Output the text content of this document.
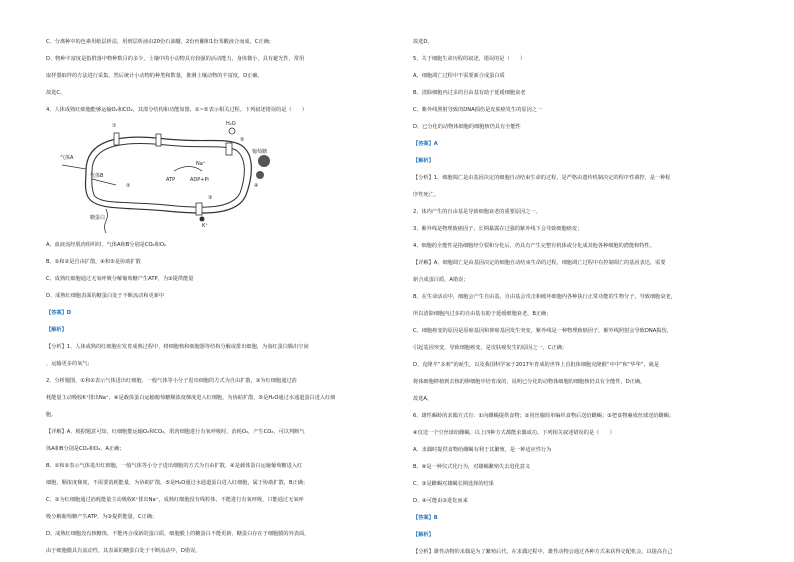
C、分离种中的色素用纸层析法，用到层析液由20份石油醚、2份丙酮和1份苯酸液合而成，C正确；
D、物种丰富度是指群落中物种数目的多少，土壤中的小动物具有较强的活动能力，身体微小，具有避光性，常用
取样器取样的方法进行采集，然后统计小动物的种类和数量，推测土壤动物的丰富度，D正确。
故选C。
4、人体成熟红细胞能够运输O₂和CO₂，其部分结构和功能如图，①~⑤表示相关过程。下列叙述错误的是（　　）
气体A
气体B
糖蛋白
H₂O
葡萄糖
Na⁺
K⁺
ATP	ADP+Pi
①
②
③
④
⑤
A、血液流经肌肉组织时，气体A和B分别是CO₂和O₂
B、①和②是自由扩散，④和⑤是协助扩散
C、成熟红细胞通过无氧呼吸分解葡萄糖产生ATP，为③提供能量
D、成熟红细胞表面的糖蛋白处于不断流动和更新中
【答案】D
【解析】
【分析】1、人体成熟的红细胞在发育成熟过程中，将细胞核和细胞器等结构分解或排出细胞，为血红蛋白腾出空间
，运输更多的氧气；
2、分析题图，①和②表示气体进出红细胞，一般气体等小分子进出细胞的方式为自由扩散，③为红细胞通过消
耗能量主动吸收K⁺排出Na⁺，④是载体蛋白运输葡萄糖顺浓度梯度进入红细胞，为协助扩散，⑤是H₂O通过水通道蛋白进入红细
胞。
【详解】A、根据题意可知，红细胞能运输O₂和CO₂，肌肉细胞进行有氧呼吸时，消耗O₂，产生CO₂，可以判断气
体A和B分别是CO₂和O₂，A正确；
B、①和②表示气体进出红细胞，一般气体等小分子进出细胞的方式为自由扩散，④是载体蛋白运输葡萄糖进入红
细胞，顺浓度梯度，不需要消耗能量，为协助扩散，⑤是H₂O通过水通道蛋白进入红细胞，属于协助扩散，B正确；
C、③为红细胞通过消耗能量主动吸收K⁺排出Na⁺，成熟红细胞没有线粒体，不能进行有氧呼吸，只能通过无氧呼
吸分解葡萄糖产生ATP，为③提供能量，C正确；
D、成熟红细胞没有核糖体，不能再合成新的蛋白质，细胞膜上的糖蛋白不能更新，糖蛋白存在于细胞膜的外表面，
由于细胞膜具有流动性，其表面的糖蛋白处于不断流动中，D错误。
故选D。
5、关于细胞生命历程的叙述，错误的是（　　）
A、细胞凋亡过程中不需要新合成蛋白质
B、清除细胞内过多的自由基有助于延缓细胞衰老
C、紫外线照射导致的DNA损伤是皮肤癌发生的原因之一
D、已分化的动物体细胞的细胞核仍具有全能性
【答案】A
【解析】
【分析】1、细胞凋亡是由基因决定的细胞自动结束生命的过程，是严格由遗传机制决定的程序性调控，是一种程
序性死亡。
2、体内产生的自由基是导致细胞衰老的重要原因之一。
3、紫外线是物理致癌因子，长期暴露在过强的紫外线下会导致细胞癌变；
4、细胞的全能性是指细胞经分裂和分化后，仍具有产生完整有机体或分化成其他各种细胞的潜能和特性。
【详解】A、细胞凋亡是由基因决定的细胞自动结束生命的过程，细胞凋亡过程中有控制凋亡的基因表达，需要
新合成蛋白质，A错误；
B、在生命活动中，细胞会产生自由基，自由基会攻击和破坏细胞内各种执行正常功能的生物分子，导致细胞衰老，
所以清除细胞内过多的自由基有助于延缓细胞衰老，B正确；
C、细胞癌变的原因是原癌基因和抑癌基因发生突变，紫外线是一种物理致癌因子，紫外线照射会导致DNA损伤，
引起基因突变，导致细胞癌变，是皮肤癌发生的原因之一，C正确；
D、克隆羊“多莉”的诞生，以及我国科学家于2017年育成的世界上首批体细胞克隆猴“中中”和“华华”，就是
将体细胞移植到去核的卵细胞中培育成的，说明已分化的动物体细胞的细胞核仍具有全能性，D正确。
故选A。
6、雄性蝎蛉的求偶方式有：①向雌蝎提供食物；②用丝腺简单编织食物后送给雌蝎；③把食物裹成丝球送给雌蝎；
④仅送一个空丝球给雌蝎。以上四种方式都能求偶成功。下列相关叙述错误的是（　　）
A、求偶时提供食物给雌蝎有利于其繁殖，是一种适应性行为
B、④是一种仪式化行为，对雄蝎繁殖失去进化意义
C、③是雌蝎对雄蝎长期选择的结果
D、④可能由③进化而来
【答案】B
【解析】
【分析】雄性动物的求偶是为了繁殖后代，在求偶过程中，雄性动物会通过各种方式来获得交配机会，以提高自己
